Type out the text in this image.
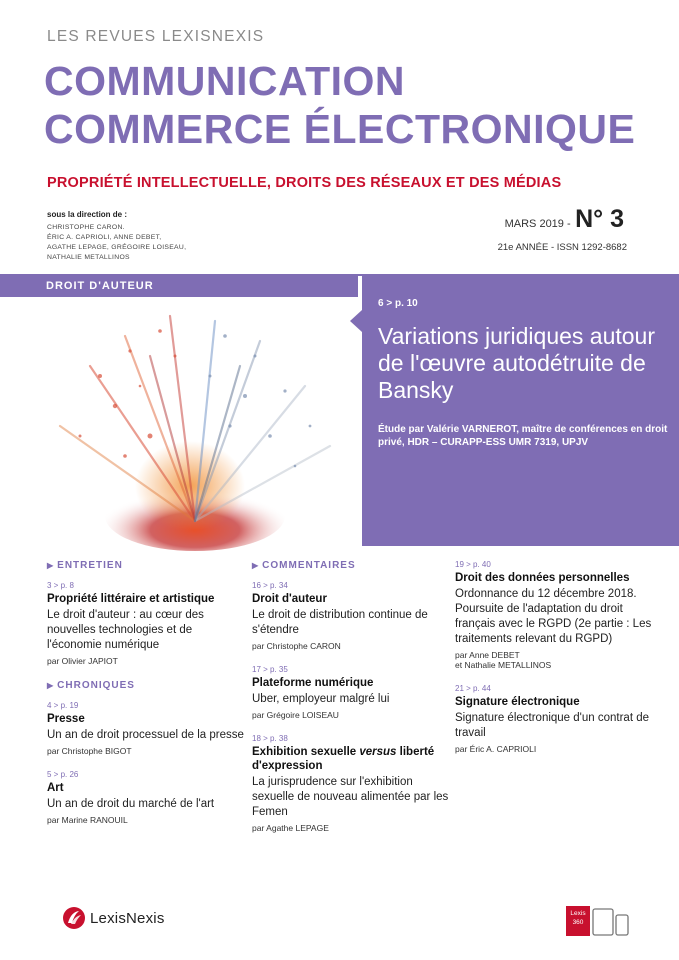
LES REVUES LEXISNEXIS
COMMUNICATION
COMMERCE ÉLECTRONIQUE
PROPRIÉTÉ INTELLECTUELLE, DROITS DES RÉSEAUX ET DES MÉDIAS
sous la direction de :
CHRISTOPHE CARON.
ÉRIC A. CAPRIOLI, ANNE DEBET,
AGATHE LEPAGE, GRÉGOIRE LOISEAU,
NATHALIE METALLINOS
MARS 2019 - N° 3
21e ANNÉE - ISSN 1292-8682
DROIT D'AUTEUR
6 > p. 10
Variations juridiques autour de l'œuvre autodétruite de Bansky
Étude par Valérie VARNEROT, maître de conférences en droit privé, HDR – CURAPP-ESS UMR 7319, UPJV
▶ ENTRETIEN
3 > p. 8
Propriété littéraire et artistique
Le droit d'auteur : au cœur des nouvelles technologies et de l'économie numérique
par Olivier JAPIOT
▶ CHRONIQUES
4 > p. 19
Presse
Un an de droit processuel de la presse
par Christophe BIGOT
5 > p. 26
Art
Un an de droit du marché de l'art
par Marine RANOUIL
▶ COMMENTAIRES
16 > p. 34
Droit d'auteur
Le droit de distribution continue de s'étendre
par Christophe CARON
17 > p. 35
Plateforme numérique
Uber, employeur malgré lui
par Grégoire LOISEAU
18 > p. 38
Exhibition sexuelle versus liberté d'expression
La jurisprudence sur l'exhibition sexuelle de nouveau alimentée par les Femen
par Agathe LEPAGE
19 > p. 40
Droit des données personnelles
Ordonnance du 12 décembre 2018. Poursuite de l'adaptation du droit français avec le RGPD (2e partie : Les traitements relevant du RGPD)
par Anne DEBET
et Nathalie METALLINOS
21 > p. 44
Signature électronique
Signature électronique d'un contrat de travail
par Éric A. CAPRIOLI
LexisNexis	Lexis
360
